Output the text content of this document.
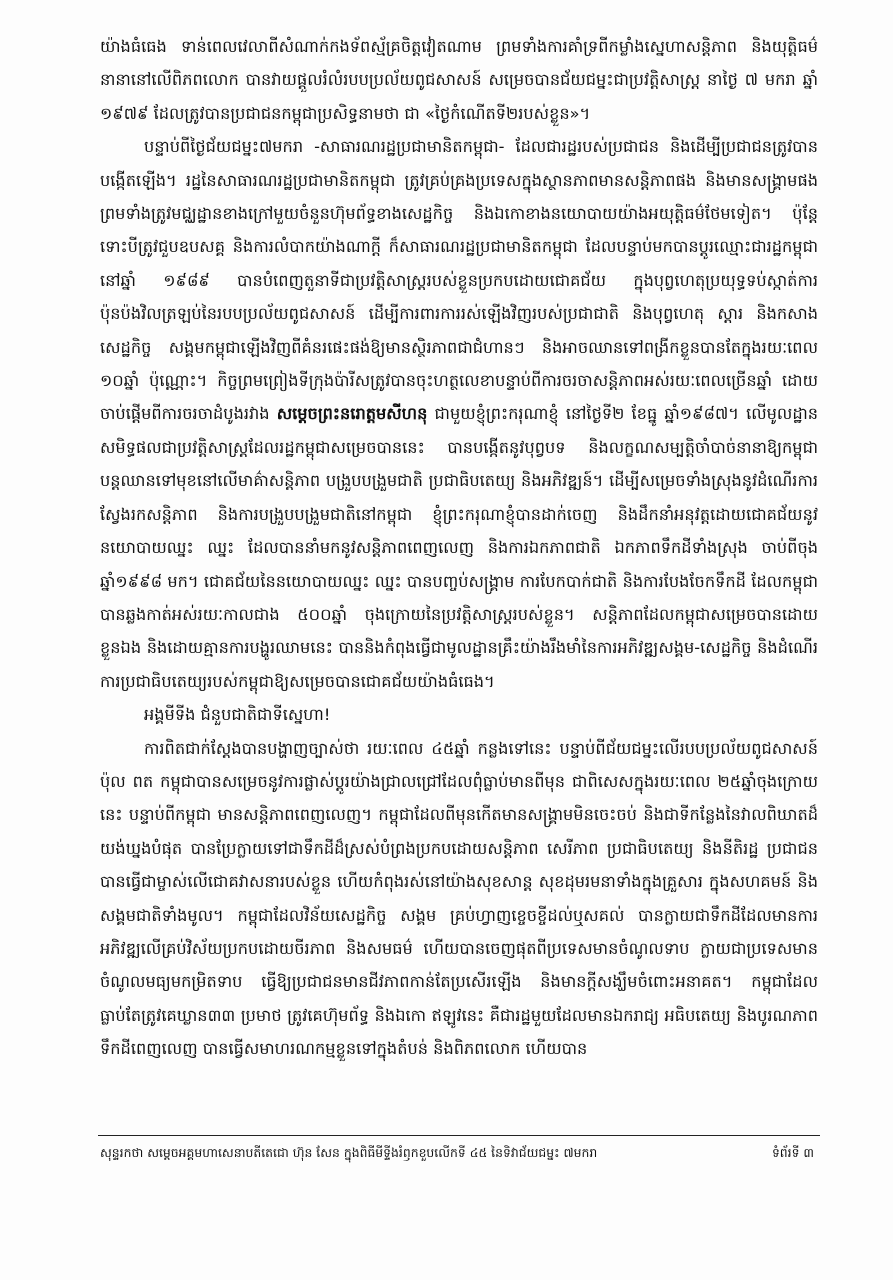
យ៉ាងធំធេង ទាន់ពេលវេលាពីសំណាក់កងទ័ពស្ម័គ្រចិត្តវៀតណាម ព្រមទាំងការគាំទ្រពីកម្លាំងស្នេហាសន្តិភាព និងយុត្តិធម៌នានានៅលើពិភពលោក បានវាយផ្តួលរំលំរបបប្រល័យពូជសាសន៍ សម្រេចបានជ័យជម្នះជាប្រវត្តិសាស្ត្រ នាថ្ងៃ ៧ មករា ឆ្នាំ ១៩៧៩ ដែលត្រូវបានប្រជាជនកម្ពុជាប្រសិទ្ធនាមថា ជា «ថ្ងៃកំណើតទី២របស់ខ្លួន»។

បន្ទាប់ពីថ្ងៃជ័យជម្នះ៧មករា -សាធារណរដ្ឋប្រជាមានិតកម្ពុជា- ដែលជារដ្ឋរបស់ប្រជាជន និងដើម្បីប្រជាជនត្រូវបានបង្កើតឡើង។ រដ្ឋនៃសាធារណរដ្ឋប្រជាមានិតកម្ពុជា ត្រូវគ្រប់គ្រងប្រទេសក្នុងស្ថានភាពមានសន្តិភាពផង និងមានសង្គ្រាមផង ព្រមទាំងត្រូវមជ្ឈដ្ឋានខាងក្រៅមួយចំនួនហ៊ុមព័ទ្ធខាងសេដ្ឋកិច្ច និងឯកោខាងនយោបាយយ៉ាងអយុត្តិធម៌ថែមទៀត។ ប៉ុន្តែទោះបីត្រូវជួបឧបសគ្គ និងការលំបាកយ៉ាងណាក្តី ក៏សាធារណរដ្ឋប្រជាមានិតកម្ពុជា ដែលបន្ទាប់មកបានប្តូរឈ្មោះជារដ្ឋកម្ពុជា នៅឆ្នាំ ១៩៨៩ បានបំពេញតួនាទីជាប្រវត្តិសាស្ត្ររបស់ខ្លួនប្រកបដោយជោគជ័យ ក្នុងបុព្វហេតុប្រយុទ្ធទប់ស្កាត់ការប៉ុនប៉ងវិលត្រឡប់នៃរបបប្រល័យពូជសាសន៍ ដើម្បីការពារការរស់ឡើងវិញរបស់ប្រជាជាតិ និងបុព្វហេតុ ស្តារ និងកសាងសេដ្ឋកិច្ច សង្គមកម្ពុជាឡើងវិញពីគំនរផេះផង់ឱ្យមានស្ថិរភាពជាជំហានៗ និងអាចឈានទៅពង្រីកខ្លួនបានតែក្នុងរយៈពេល ១០ឆ្នាំ ប៉ុណ្ណោះ។ កិច្ចព្រមព្រៀងទីក្រុងប៉ារីសត្រូវបានចុះហត្ថលេខាបន្ទាប់ពីការចរចាសន្តិភាពអស់រយៈពេលច្រើនឆ្នាំ ដោយចាប់ផ្តើមពីការចរចាដំបូងរវាង សម្តេចព្រះនរោត្តមសីហនុ ជាមួយខ្ញុំព្រះករុណាខ្ញុំ នៅថ្ងៃទី២ ខែធ្នូ ឆ្នាំ១៩៨៧។ លើមូលដ្ឋានសមិទ្ធផលជាប្រវត្តិសាស្ត្រដែលរដ្ឋកម្ពុជាសម្រេចបាននេះ បានបង្កើតនូវបុព្វបទ និងលក្ខណសម្បត្តិចាំបាច់នានាឱ្យកម្ពុជាបន្តឈានទៅមុខនៅលើមាគ៌ាសន្តិភាព បង្រួបបង្រួមជាតិ ប្រជាធិបតេយ្យ និងអភិវឌ្ឍន៍។ ដើម្បីសម្រេចទាំងស្រុងនូវដំណើរការស្វែងរកសន្តិភាព និងការបង្រួបបង្រួមជាតិនៅកម្ពុជា ខ្ញុំព្រះករុណាខ្ញុំបានដាក់ចេញ និងដឹកនាំអនុវត្តដោយជោគជ័យនូវនយោបាយឈ្នះ ឈ្នះ ដែលបាននាំមកនូវសន្តិភាពពេញលេញ និងការឯកភាពជាតិ ឯកភាពទឹកដីទាំងស្រុង ចាប់ពីចុងឆ្នាំ១៩៩៨ មក។ ជោគជ័យនៃនយោបាយឈ្នះ ឈ្នះ បានបញ្ចប់សង្គ្រាម ការបែកបាក់ជាតិ និងការបែងចែកទឹកដី ដែលកម្ពុជាបានឆ្លងកាត់អស់រយៈកាលជាង ៥០០ឆ្នាំ ចុងក្រោយនៃប្រវត្តិសាស្ត្ររបស់ខ្លួន។ សន្តិភាពដែលកម្ពុជាសម្រេចបានដោយខ្លួនឯង និងដោយគ្មានការបង្ហូរឈាមនេះ បាននិងកំពុងធ្វើជាមូលដ្ឋានគ្រឹះយ៉ាងរឹងមាំនៃការអភិវឌ្ឍសង្គម-សេដ្ឋកិច្ច និងដំណើរការប្រជាធិបតេយ្យរបស់កម្ពុជាឱ្យសម្រេចបានជោគជ័យយ៉ាងធំធេង។

អង្គមីទីង ជំនួបជាតិជាទីស្នេហា!

ការពិតជាក់ស្តែងបានបង្ហាញច្បាស់ថា រយៈពេល ៤៥ឆ្នាំ កន្លងទៅនេះ បន្ទាប់ពីជ័យជម្នះលើរបបប្រល័យពូជសាសន៍ ប៉ុល ពត កម្ពុជាបានសម្រេចនូវការផ្លាស់ប្តូរយ៉ាងជ្រាលជ្រៅដែលពុំធ្លាប់មានពីមុន ជាពិសេសក្នុងរយៈពេល ២៥ឆ្នាំចុងក្រោយនេះ បន្ទាប់ពីកម្ពុជា មានសន្តិភាពពេញលេញ។ កម្ពុជាដែលពីមុនកើតមានសង្គ្រាមមិនចេះចប់ និងជាទីកន្លែងនៃវាលពិឃាតដ៏យង់ឃ្នងបំផុត បានប្រែក្លាយទៅជាទឹកដីដ៏ស្រស់បំព្រងប្រកបដោយសន្តិភាព សេរីភាព ប្រជាធិបតេយ្យ និងនីតិរដ្ឋ ប្រជាជនបានធ្វើជាម្ចាស់លើជោគវាសនារបស់ខ្លួន ហើយកំពុងរស់នៅយ៉ាងសុខសាន្ត សុខដុមរមនាទាំងក្នុងគ្រួសារ ក្នុងសហគមន៍ និងសង្គមជាតិទាំងមូល។ កម្ពុជាដែលវិន័យសេដ្ឋកិច្ច សង្គម គ្រប់ហ្វាញខ្ចេចខ្ចីដល់ឬសគល់ បានក្លាយជាទឹកដីដែលមានការអភិវឌ្ឍលើគ្រប់វិស័យប្រកបដោយចីរភាព និងសមធម៌ ហើយបានចេញផុតពីប្រទេសមានចំណូលទាប ក្លាយជាប្រទេសមានចំណូលមធ្យមកម្រិតទាប ធ្វើឱ្យប្រជាជនមានជីវភាពកាន់តែប្រសើរឡើង និងមានក្តីសង្ឃឹមចំពោះអនាគត។ កម្ពុជាដែលធ្លាប់តែត្រូវគេឃ្លាន៣៣ ប្រមាថ ត្រូវគេហ៊ុមព័ទ្ធ និងឯកោ ឥឡូវនេះ គឺជារដ្ឋមួយដែលមានឯករាជ្យ អធិបតេយ្យ និងបូរណភាពទឹកដីពេញលេញ បានធ្វើសមាហរណកម្មខ្លួនទៅក្នុងតំបន់ និងពិភពលោក ហើយបាន

សុន្ទរកថា សម្តេចអគ្គមហាសេនាបតីតេជោ ហ៊ុន សែន ក្នុងពិធីមីទ្ទីងរំឭកខួបលើកទី ៤៥ នៃទិវាជ័យជម្នះ ៧មករា	ទំព័រទី ៣
